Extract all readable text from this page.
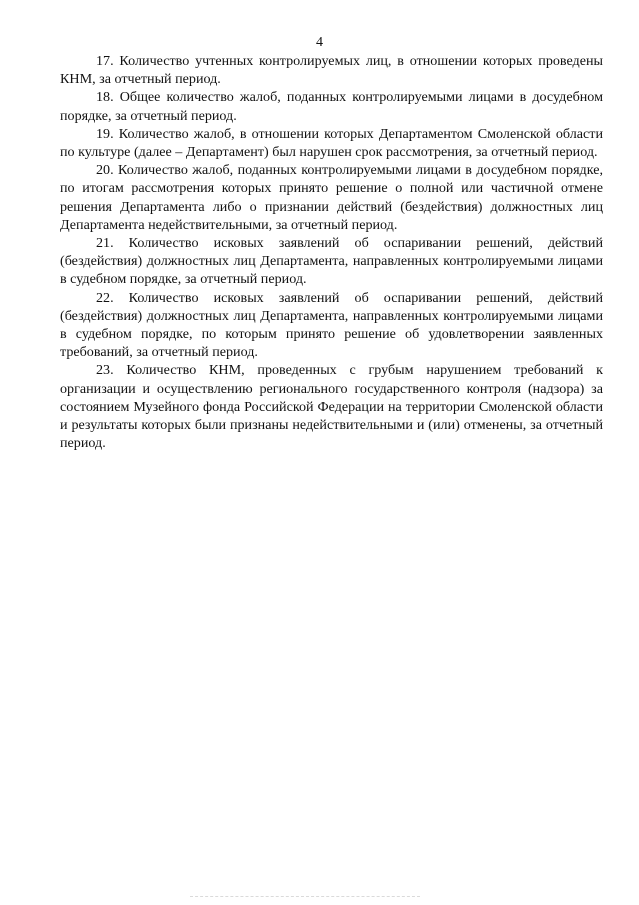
4

17. Количество учтенных контролируемых лиц, в отношении которых проведены КНМ, за отчетный период.

18. Общее количество жалоб, поданных контролируемыми лицами в досудебном порядке, за отчетный период.

19. Количество жалоб, в отношении которых Департаментом Смоленской области по культуре (далее – Департамент) был нарушен срок рассмотрения, за отчетный период.

20. Количество жалоб, поданных контролируемыми лицами в досудебном порядке, по итогам рассмотрения которых принято решение о полной или частичной отмене решения Департамента либо о признании действий (бездействия) должностных лиц Департамента недействительными, за отчетный период.

21. Количество исковых заявлений об оспаривании решений, действий (бездействия) должностных лиц Департамента, направленных контролируемыми лицами в судебном порядке, за отчетный период.

22. Количество исковых заявлений об оспаривании решений, действий (бездействия) должностных лиц Департамента, направленных контролируемыми лицами в судебном порядке, по которым принято решение об удовлетворении заявленных требований, за отчетный период.

23. Количество КНМ, проведенных с грубым нарушением требований к организации и осуществлению регионального государственного контроля (надзора) за состоянием Музейного фонда Российской Федерации на территории Смоленской области и результаты которых были признаны недействительными и (или) отменены, за отчетный период.
